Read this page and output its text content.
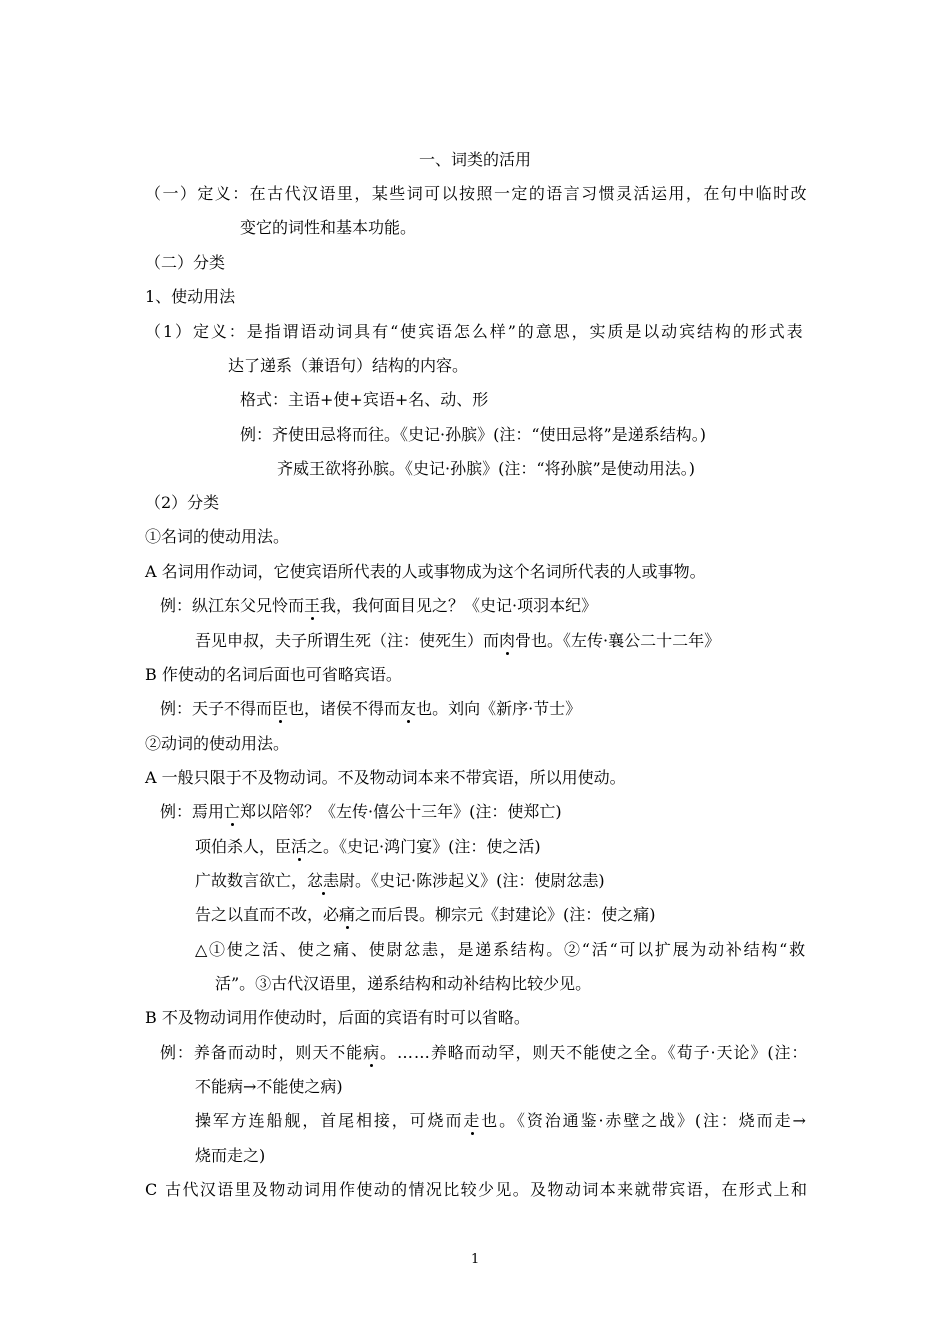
一、词类的活用
（一）定义：在古代汉语里，某些词可以按照一定的语言习惯灵活运用，在句中临时改
变它的词性和基本功能。
（二）分类
1、使动用法
（1）定义：是指谓语动词具有“使宾语怎么样”的意思，实质是以动宾结构的形式表
达了递系（兼语句）结构的内容。
格式：主语+使+宾语+名、动、形
例：齐使田忌将而往。《史记·孙膑》(注：“使田忌将”是递系结构。)
齐威王欲将孙膑。《史记·孙膑》(注：“将孙膑”是使动用法。)
（2）分类
①名词的使动用法。
A 名词用作动词，它使宾语所代表的人或事物成为这个名词所代表的人或事物。
例：纵江东父兄怜而王我，我何面目见之？《史记·项羽本纪》
吾见申叔，夫子所谓生死（注：使死生）而肉骨也。《左传·襄公二十二年》
B 作使动的名词后面也可省略宾语。
例：天子不得而臣也，诸侯不得而友也。刘向《新序·节士》
②动词的使动用法。
A 一般只限于不及物动词。不及物动词本来不带宾语，所以用使动。
例：焉用亡郑以陪邻？《左传·僖公十三年》(注：使郑亡)
项伯杀人，臣活之。《史记·鸿门宴》(注：使之活)
广故数言欲亡，忿恚尉。《史记·陈涉起义》(注：使尉忿恚)
告之以直而不改，必痛之而后畏。柳宗元《封建论》(注：使之痛)
△①使之活、使之痛、使尉忿恚，是递系结构。②“活“可以扩展为动补结构“救
活”。③古代汉语里，递系结构和动补结构比较少见。
B 不及物动词用作使动时，后面的宾语有时可以省略。
例：养备而动时，则天不能病。……养略而动罕，则天不能使之全。《荀子·天论》(注：
不能病→不能使之病)
操军方连船舰，首尾相接，可烧而走也。《资治通鉴·赤壁之战》(注：烧而走→
烧而走之)
C 古代汉语里及物动词用作使动的情况比较少见。及物动词本来就带宾语，在形式上和
1
